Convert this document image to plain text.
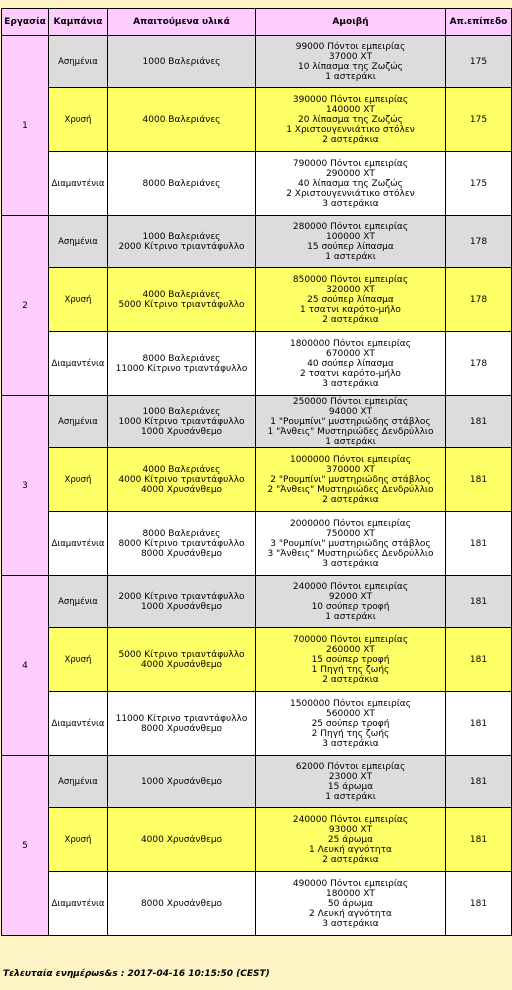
Εργασία	Καμπάνια	Απαιτούμενα υλικά	Αμοιβή	Απ.επίπεδο
1	Ασημένια	1000 Βαλεριάνες	99000 Πόντοι εμπειρίας
37000 ΧΤ
10 λίπασμα της Ζωζώς
1 αστεράκι	175
	Χρυσή	4000 Βαλεριάνες	390000 Πόντοι εμπειρίας
140000 ΧΤ
20 λίπασμα της Ζωζώς
1 Χριστουγεννιάτικο στόλεν
2 αστεράκια	175
	Διαμαντένια	8000 Βαλεριάνες	790000 Πόντοι εμπειρίας
290000 ΧΤ
40 λίπασμα της Ζωζώς
2 Χριστουγεννιάτικο στόλεν
3 αστεράκια	175
2	Ασημένια	1000 Βαλεριάνες
2000 Κίτρινο τριαντάφυλλο	280000 Πόντοι εμπειρίας
100000 ΧΤ
15 σούπερ λίπασμα
1 αστεράκι	178
	Χρυσή	4000 Βαλεριάνες
5000 Κίτρινο τριαντάφυλλο	850000 Πόντοι εμπειρίας
320000 ΧΤ
25 σούπερ λίπασμα
1 τσατνι καρότο-μήλο
2 αστεράκια	178
	Διαμαντένια	8000 Βαλεριάνες
11000 Κίτρινο τριαντάφυλλο	1800000 Πόντοι εμπειρίας
670000 ΧΤ
40 σούπερ λίπασμα
2 τσατνι καρότο-μήλο
3 αστεράκια	178
3	Ασημένια	1000 Βαλεριάνες
1000 Κίτρινο τριαντάφυλλο
1000 Χρυσάνθεμο	250000 Πόντοι εμπειρίας
94000 ΧΤ
1 "Ρουμπίνι" μυστηριώδης στάβλος
1 "Άνθεις" Μυστηριώδες Δενδρύλλιο
1 αστεράκι	181
	Χρυσή	4000 Βαλεριάνες
4000 Κίτρινο τριαντάφυλλο
4000 Χρυσάνθεμο	1000000 Πόντοι εμπειρίας
370000 ΧΤ
2 "Ρουμπίνι" μυστηριώδης στάβλος
2 "Άνθεις" Μυστηριώδες Δενδρύλλιο
2 αστεράκια	181
	Διαμαντένια	8000 Βαλεριάνες
8000 Κίτρινο τριαντάφυλλο
8000 Χρυσάνθεμο	2000000 Πόντοι εμπειρίας
750000 ΧΤ
3 "Ρουμπίνι" μυστηριώδης στάβλος
3 "Άνθεις" Μυστηριώδες Δενδρύλλιο
3 αστεράκια	181
4	Ασημένια	2000 Κίτρινο τριαντάφυλλο
1000 Χρυσάνθεμο	240000 Πόντοι εμπειρίας
92000 ΧΤ
10 σούπερ τροφή
1 αστεράκι	181
	Χρυσή	5000 Κίτρινο τριαντάφυλλο
4000 Χρυσάνθεμο	700000 Πόντοι εμπειρίας
260000 ΧΤ
15 σούπερ τροφή
1 Πηγή της ζωής
2 αστεράκια	181
	Διαμαντένια	11000 Κίτρινο τριαντάφυλλο
8000 Χρυσάνθεμο	1500000 Πόντοι εμπειρίας
560000 ΧΤ
25 σούπερ τροφή
2 Πηγή της ζωής
3 αστεράκια	181
5	Ασημένια	1000 Χρυσάνθεμο	62000 Πόντοι εμπειρίας
23000 ΧΤ
15 άρωμα
1 αστεράκι	181
	Χρυσή	4000 Χρυσάνθεμο	240000 Πόντοι εμπειρίας
93000 ΧΤ
25 άρωμα
1 Λευκή αγνότητα
2 αστεράκια	181
	Διαμαντένια	8000 Χρυσάνθεμο	490000 Πόντοι εμπειρίας
180000 ΧΤ
50 άρωμα
2 Λευκή αγνότητα
3 αστεράκια	181
Τελευταία ενημέρωs&s : 2017-04-16 10:15:50 (CEST)
